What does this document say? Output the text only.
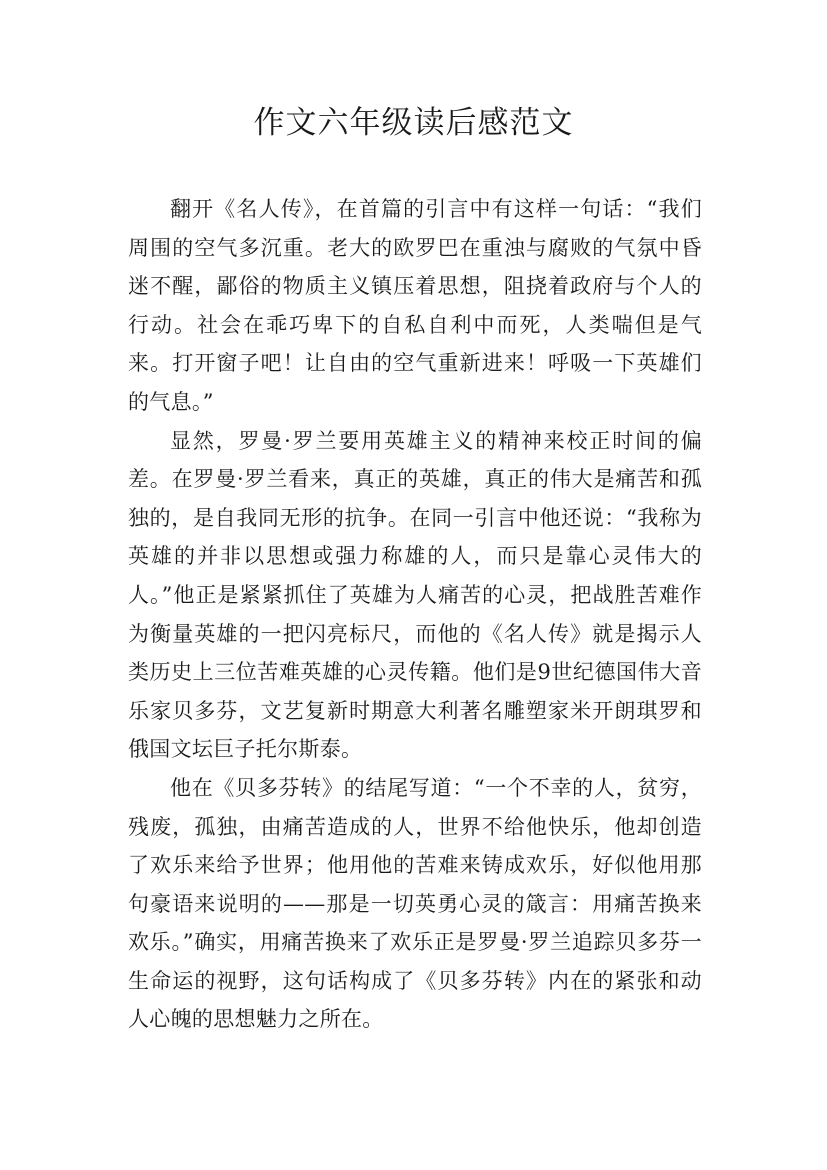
作文六年级读后感范文

翻开《名人传》，在首篇的引言中有这样一句话：“我们周围的空气多沉重。老大的欧罗巴在重浊与腐败的气氛中昏迷不醒，鄙俗的物质主义镇压着思想，阻挠着政府与个人的行动。社会在乖巧卑下的自私自利中而死，人类喘但是气来。打开窗子吧！让自由的空气重新进来！呼吸一下英雄们的气息。”

显然，罗曼·罗兰要用英雄主义的精神来校正时间的偏差。在罗曼·罗兰看来，真正的英雄，真正的伟大是痛苦和孤独的，是自我同无形的抗争。在同一引言中他还说：“我称为英雄的并非以思想或强力称雄的人，而只是靠心灵伟大的人。”他正是紧紧抓住了英雄为人痛苦的心灵，把战胜苦难作为衡量英雄的一把闪亮标尺，而他的《名人传》就是揭示人类历史上三位苦难英雄的心灵传籍。他们是9世纪德国伟大音乐家贝多芬，文艺复新时期意大利著名雕塑家米开朗琪罗和俄国文坛巨子托尔斯泰。

他在《贝多芬转》的结尾写道：“一个不幸的人，贫穷，残废，孤独，由痛苦造成的人，世界不给他快乐，他却创造了欢乐来给予世界；他用他的苦难来铸成欢乐，好似他用那句豪语来说明的——那是一切英勇心灵的箴言：用痛苦换来欢乐。”确实，用痛苦换来了欢乐正是罗曼·罗兰追踪贝多芬一生命运的视野，这句话构成了《贝多芬转》内在的紧张和动人心魄的思想魅力之所在。
